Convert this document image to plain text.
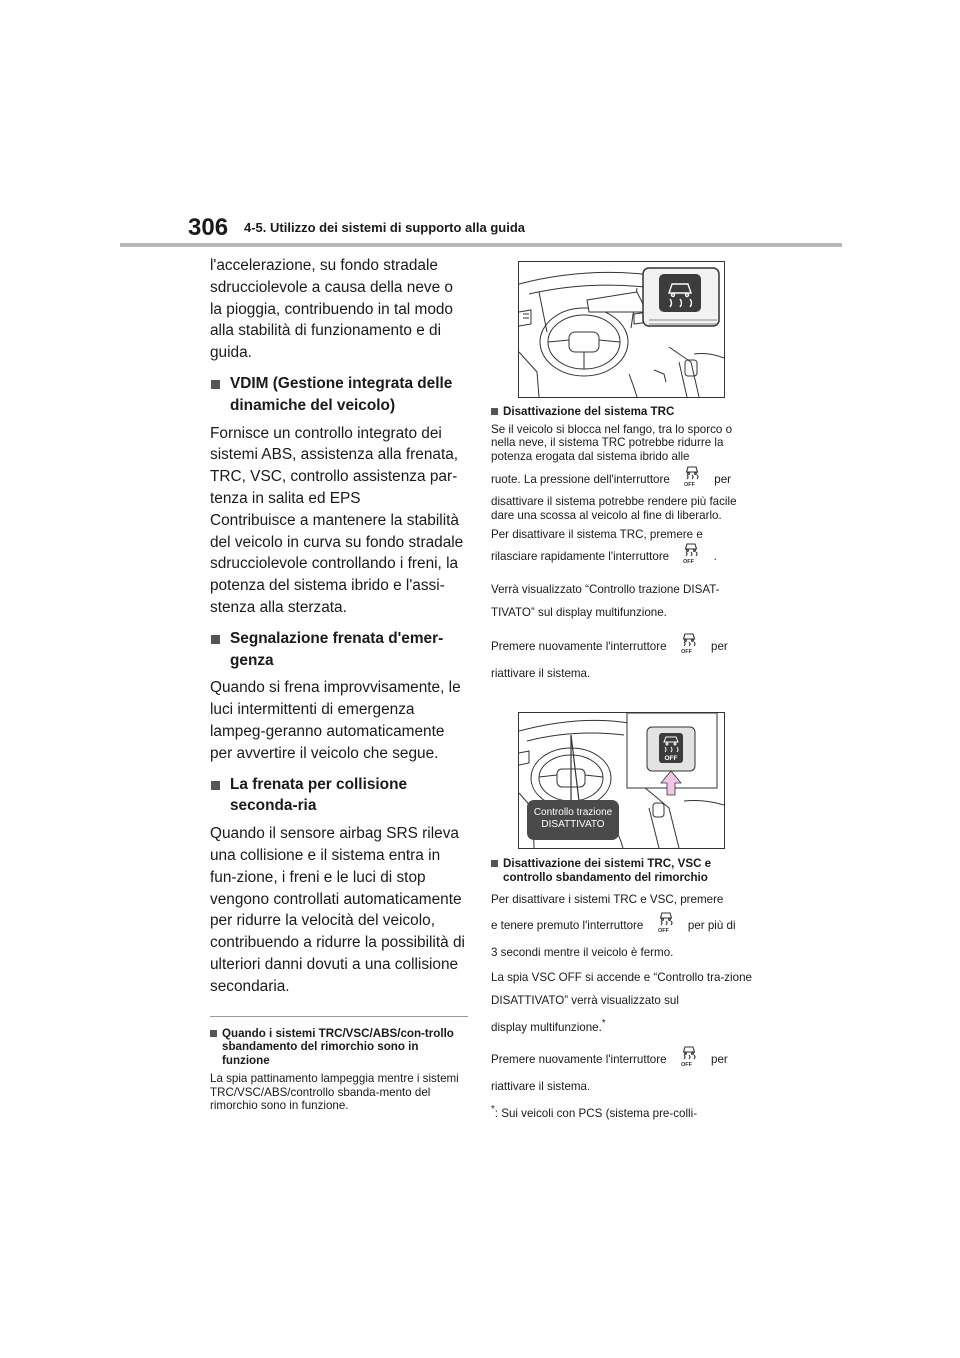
306 4-5. Utilizzo dei sistemi di supporto alla guida

l'accelerazione, su fondo stradale sdrucciolevole a causa della neve o la pioggia, contribuendo in tal modo alla stabilità di funzionamento e di guida.

VDIM (Gestione integrata delle dinamiche del veicolo)

Fornisce un controllo integrato dei sistemi ABS, assistenza alla frenata, TRC, VSC, controllo assistenza par-tenza in salita ed EPS

Contribuisce a mantenere la stabilità del veicolo in curva su fondo stradale sdrucciolevole controllando i freni, la potenza del sistema ibrido e l'assi-stenza alla sterzata.

Segnalazione frenata d'emer-genza

Quando si frena improvvisamente, le luci intermittenti di emergenza lampeg-geranno automaticamente per avvertire il veicolo che segue.

La frenata per collisione seconda-ria

Quando il sensore airbag SRS rileva una collisione e il sistema entra in fun-zione, i freni e le luci di stop vengono controllati automaticamente per ridurre la velocità del veicolo, contribuendo a ridurre la possibilità di ulteriori danni dovuti a una collisione secondaria.

Quando i sistemi TRC/VSC/ABS/con-trollo sbandamento del rimorchio sono in funzione

La spia pattinamento lampeggia mentre i sistemi TRC/VSC/ABS/controllo sbanda-mento del rimorchio sono in funzione.

Disattivazione del sistema TRC

Se il veicolo si blocca nel fango, tra lo sporco o nella neve, il sistema TRC potrebbe ridurre la potenza erogata dal sistema ibrido alle

ruote. La pressione dell'interruttore	OFF per

disattivare il sistema potrebbe rendere più facile dare una scossa al veicolo al fine di liberarlo.

Per disattivare il sistema TRC, premere e

rilasciare rapidamente l'interruttore	OFF .

Verrà visualizzato “Controllo trazione DISAT-TIVATO” sul display multifunzione.

Premere nuovamente l'interruttore	OFF per

riattivare il sistema.

OFF
Controllo trazione
DISATTIVATO
Disattivazione dei sistemi TRC, VSC e controllo sbandamento del rimorchio

Per disattivare i sistemi TRC e VSC, premere

e tenere premuto l'interruttore	OFF per più di

3 secondi mentre il veicolo è fermo.

La spia VSC OFF si accende e “Controllo tra-zione DISATTIVATO” verrà visualizzato sul

display multifunzione.*

Premere nuovamente l'interruttore	OFF per

riattivare il sistema.

*: Sui veicoli con PCS (sistema pre-colli-
